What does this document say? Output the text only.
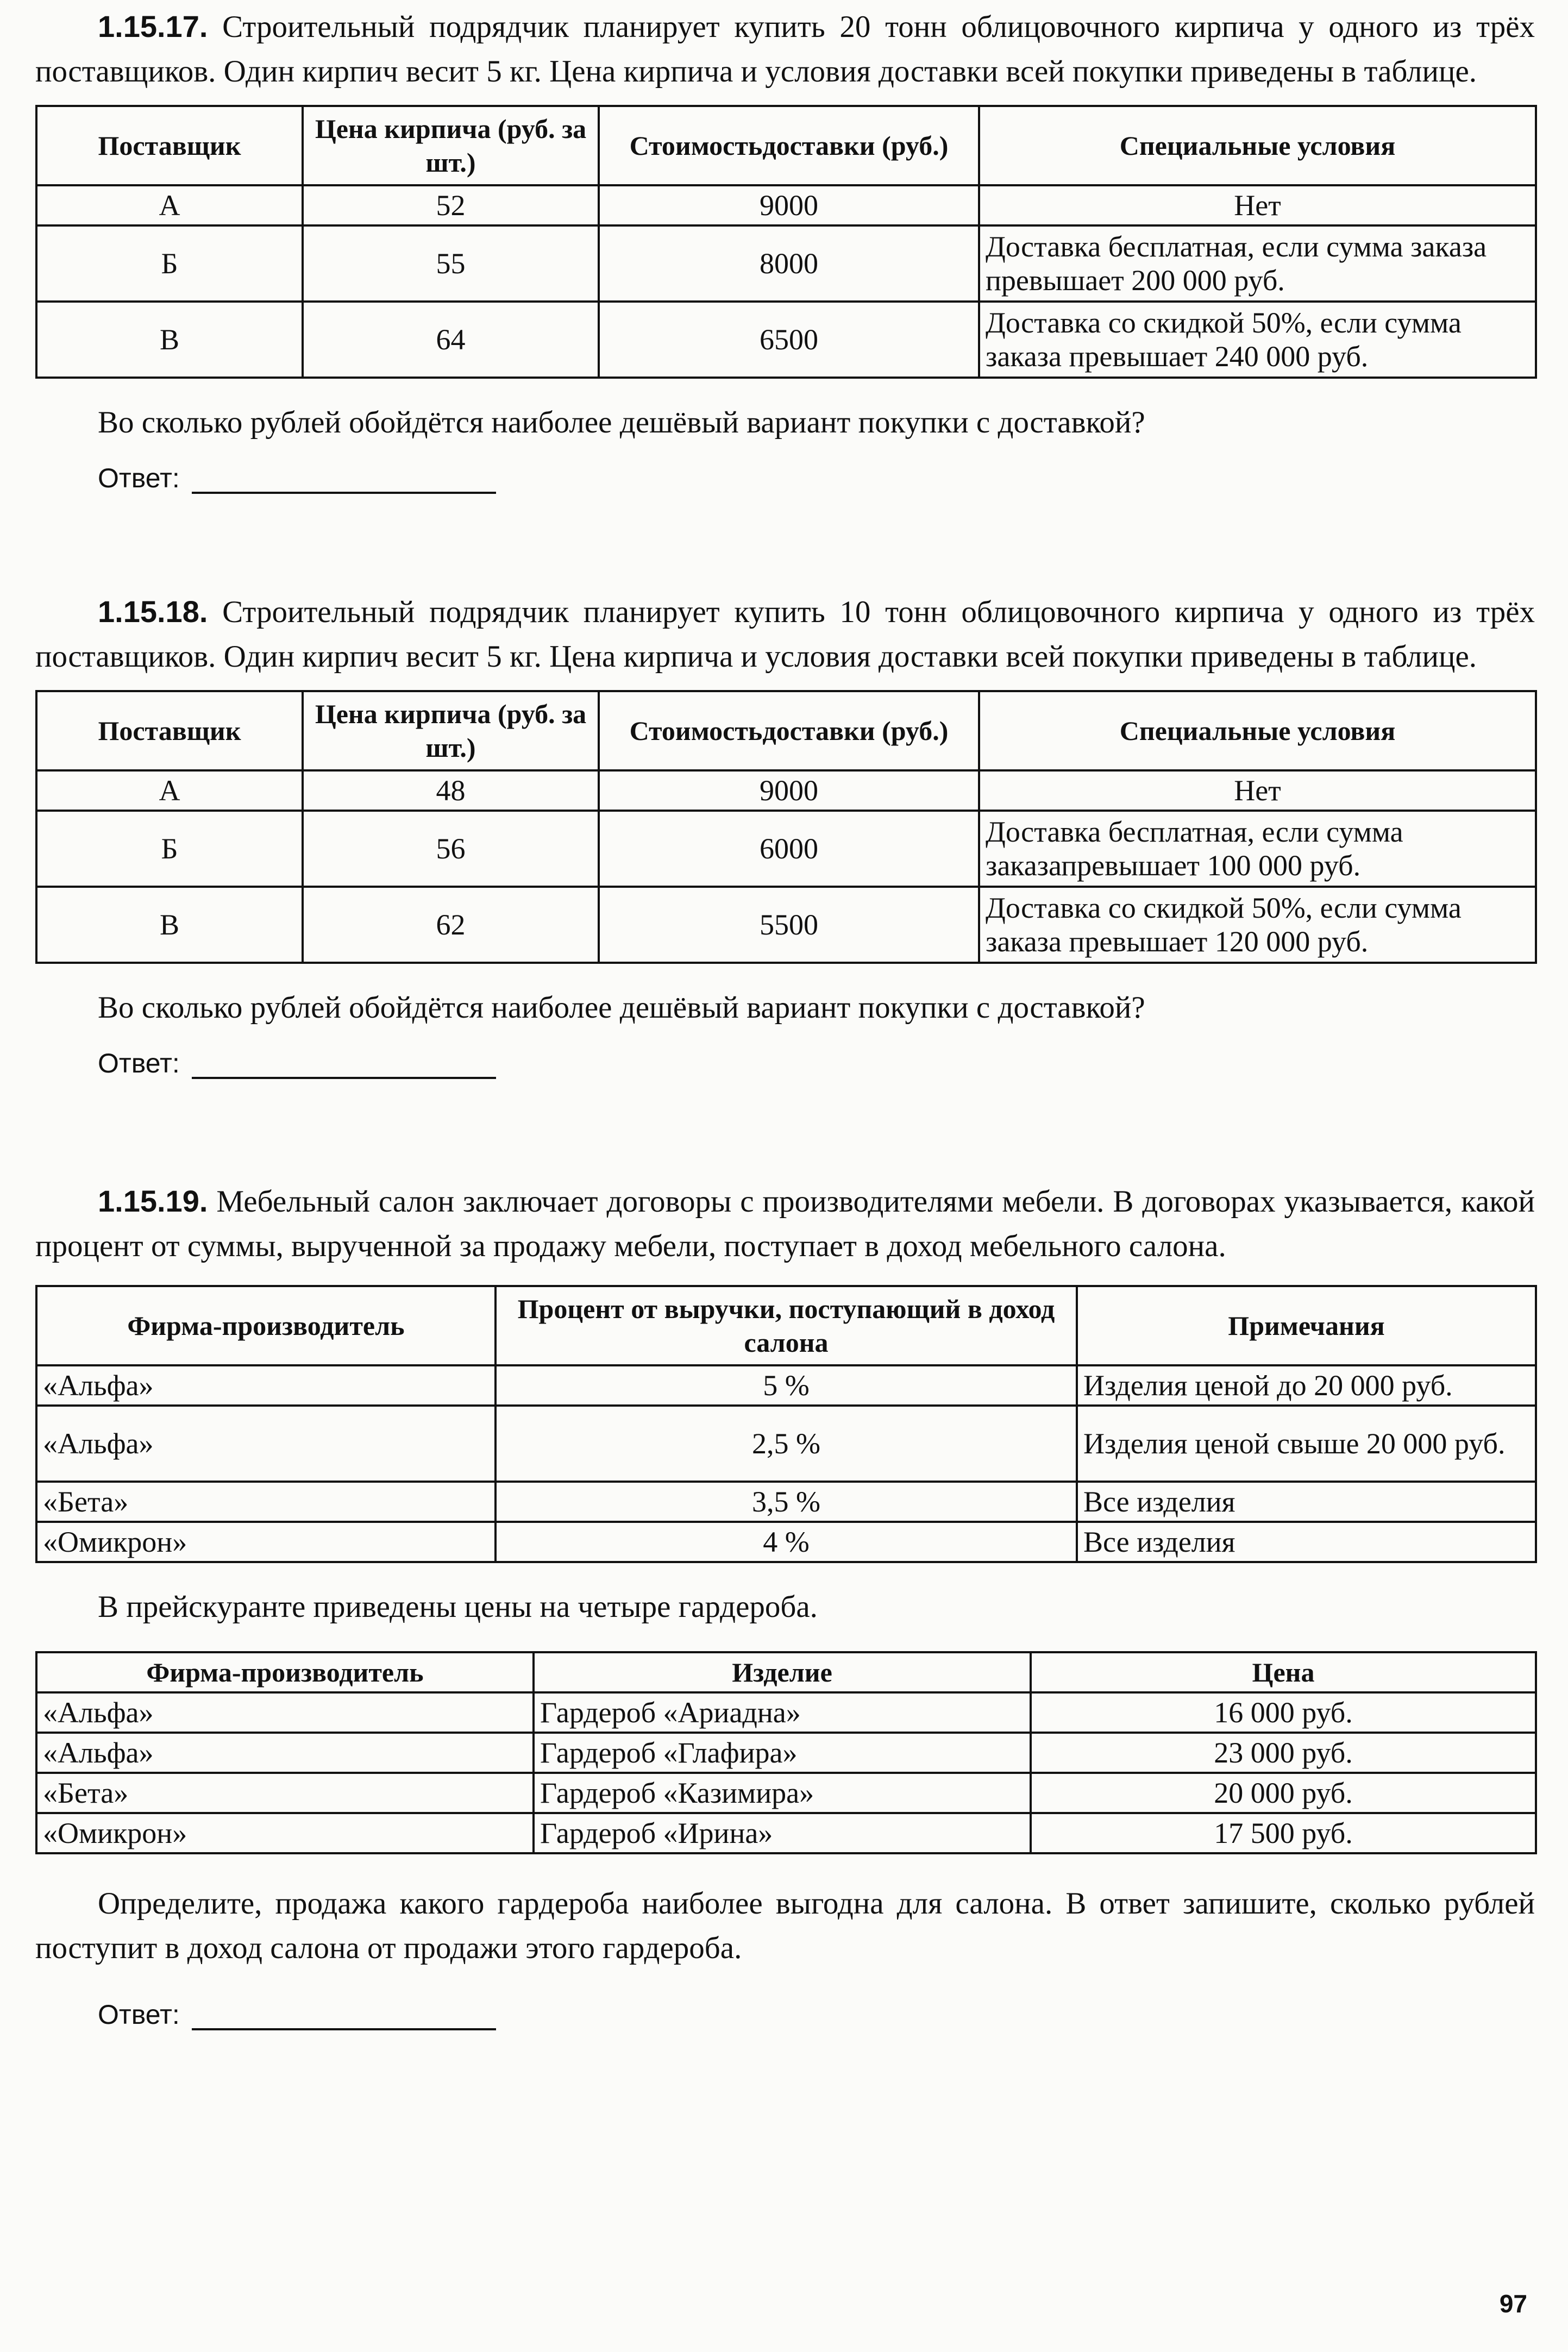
1.15.17. Строительный подрядчик планирует купить 20 тонн облицовочного кирпича у одного из трёх поставщиков. Один кирпич весит 5 кг. Цена кирпича и условия доставки всей покупки приведены в таблице.

Поставщик	Цена кирпича (руб. за шт.)	Стоимостьдоставки (руб.)	Специальные условия
А	52	9000	Нет
Б	55	8000	Доставка бесплатная, если сумма заказа превышает 200 000 руб.
В	64	6500	Доставка со скидкой 50%, если сумма заказа превышает 240 000 руб.

Во сколько рублей обойдётся наиболее дешёвый вариант покупки с доставкой?

Ответ:

1.15.18. Строительный подрядчик планирует купить 10 тонн облицовочного кирпича у одного из трёх поставщиков. Один кирпич весит 5 кг. Цена кирпича и условия доставки всей покупки приведены в таблице.

Поставщик	Цена кирпича (руб. за шт.)	Стоимостьдоставки (руб.)	Специальные условия
А	48	9000	Нет
Б	56	6000	Доставка бесплатная, если сумма заказапревышает 100 000 руб.
В	62	5500	Доставка со скидкой 50%, если сумма заказа превышает 120 000 руб.

Во сколько рублей обойдётся наиболее дешёвый вариант покупки с доставкой?

Ответ:

1.15.19. Мебельный салон заключает договоры с производителями мебели. В договорах указывается, какой процент от суммы, вырученной за продажу мебели, поступает в доход мебельного салона.

Фирма-производитель	Процент от выручки, поступающий в доход салона	Примечания
«Альфа»	5 %	Изделия ценой до 20 000 руб.
«Альфа»	2,5 %	Изделия ценой свыше 20 000 руб.
«Бета»	3,5 %	Все изделия
«Омикрон»	4 %	Все изделия

В прейскуранте приведены цены на четыре гардероба.

Фирма-производитель	Изделие	Цена
«Альфа»	Гардероб «Ариадна»	16 000 руб.
«Альфа»	Гардероб «Глафира»	23 000 руб.
«Бета»	Гардероб «Казимира»	20 000 руб.
«Омикрон»	Гардероб «Ирина»	17 500 руб.

Определите, продажа какого гардероба наиболее выгодна для салона. В ответ запишите, сколько рублей поступит в доход салона от продажи этого гардероба.

Ответ:
97
